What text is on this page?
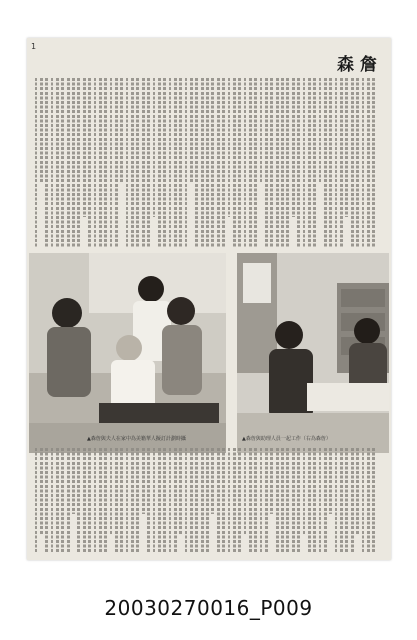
1
森詹
▲森詹與夫人在家中為美籍華人擬訂計劃時攝	▲森詹與助理人員一起工作（右為森詹）
20030270016_P009
